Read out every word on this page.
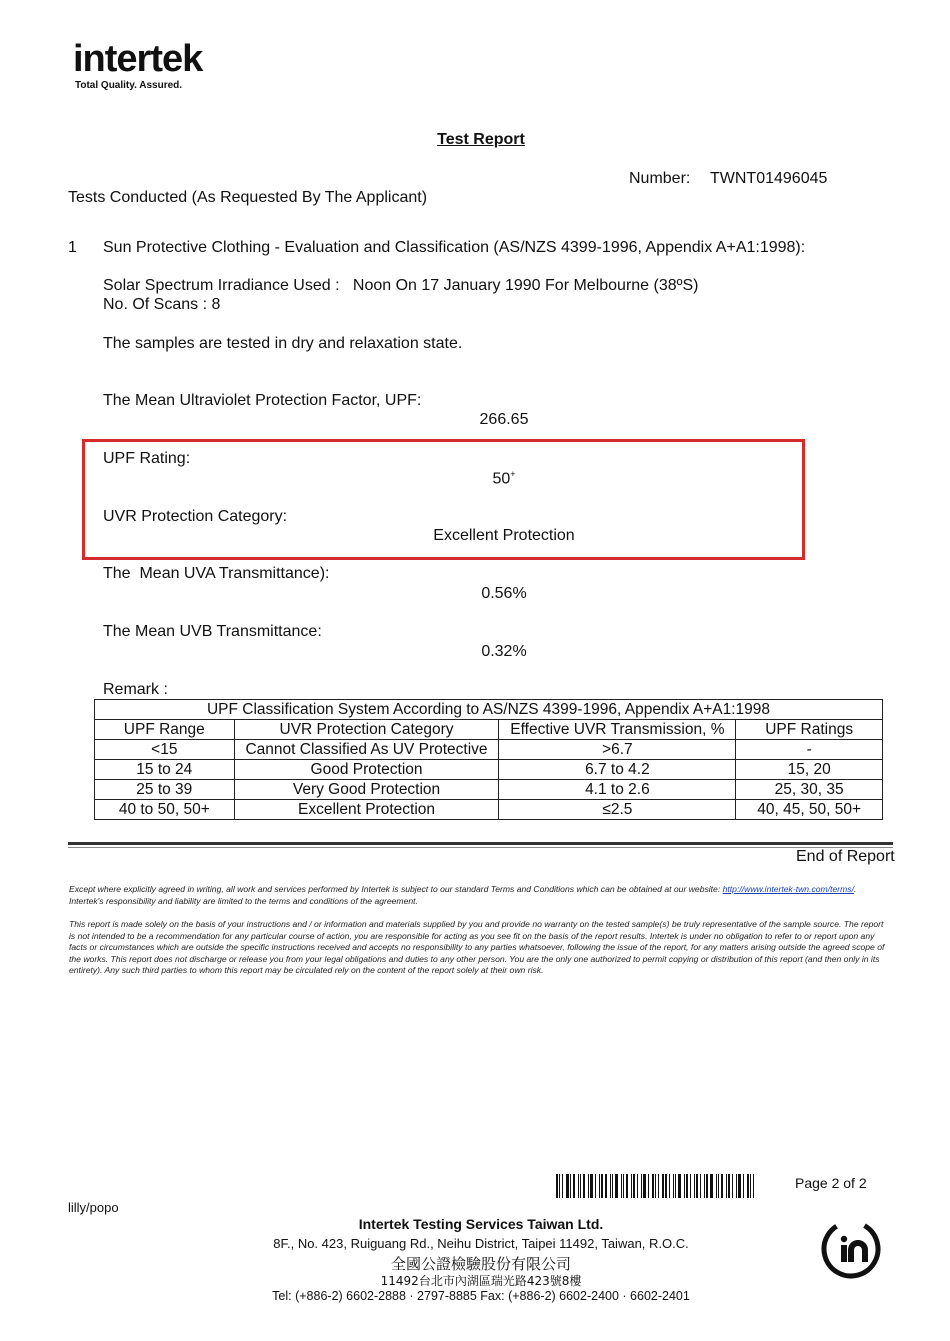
intertek
Total Quality. Assured.
Test Report
Number: TWNT01496045
Tests Conducted (As Requested By The Applicant)
1 Sun Protective Clothing - Evaluation and Classification (AS/NZS 4399-1996, Appendix A+A1:1998):
Solar Spectrum Irradiance Used :   Noon On 17 January 1990 For Melbourne (38ºS)
No. Of Scans : 8
The samples are tested in dry and relaxation state.
The Mean Ultraviolet Protection Factor, UPF:
266.65
UPF Rating:
50+
UVR Protection Category:
Excellent Protection
The  Mean UVA Transmittance):
0.56%
The Mean UVB Transmittance:
0.32%
Remark :
UPF Classification System According to AS/NZS 4399-1996, Appendix A+A1:1998			
UPF Range	UVR Protection Category	Effective UVR Transmission, %	UPF Ratings
<15	Cannot Classified As UV Protective	>6.7	-
15 to 24	Good Protection	6.7 to 4.2	15, 20
25 to 39	Very Good Protection	4.1 to 2.6	25, 30, 35
40 to 50, 50+	Excellent Protection	≤2.5	40, 45, 50, 50+
End of Report
Except where explicitly agreed in writing, all work and services performed by Intertek is subject to our standard Terms and Conditions which can be obtained at our website: http://www.intertek-twn.com/terms/. Intertek's responsibility and liability are limited to the terms and conditions of the agreement.
This report is made solely on the basis of your instructions and / or information and materials supplied by you and provide no warranty on the tested sample(s) be truly representative of the sample source. The report is not intended to be a recommendation for any particular course of action, you are responsible for acting as you see fit on the basis of the report results. Intertek is under no obligation to refer to or report upon any facts or circumstances which are outside the specific instructions received and accepts no responsibility to any parties whatsoever, following the issue of the report, for any matters arising outside the agreed scope of the works. This report does not discharge or release you from your legal obligations and duties to any other person. You are the only one authorized to permit copying or distribution of this report (and then only in its entirety). Any such third parties to whom this report may be circulated rely on the content of the report solely at their own risk.
Page 2 of 2
lilly/popo
Intertek Testing Services Taiwan Ltd.
8F., No. 423, Ruiguang Rd., Neihu District, Taipei 11492, Taiwan, R.O.C.
全國公證檢驗股份有限公司
11492台北市內湖區瑞光路423號8樓
Tel: (+886-2) 6602-2888 · 2797-8885 Fax: (+886-2) 6602-2400 · 6602-2401
